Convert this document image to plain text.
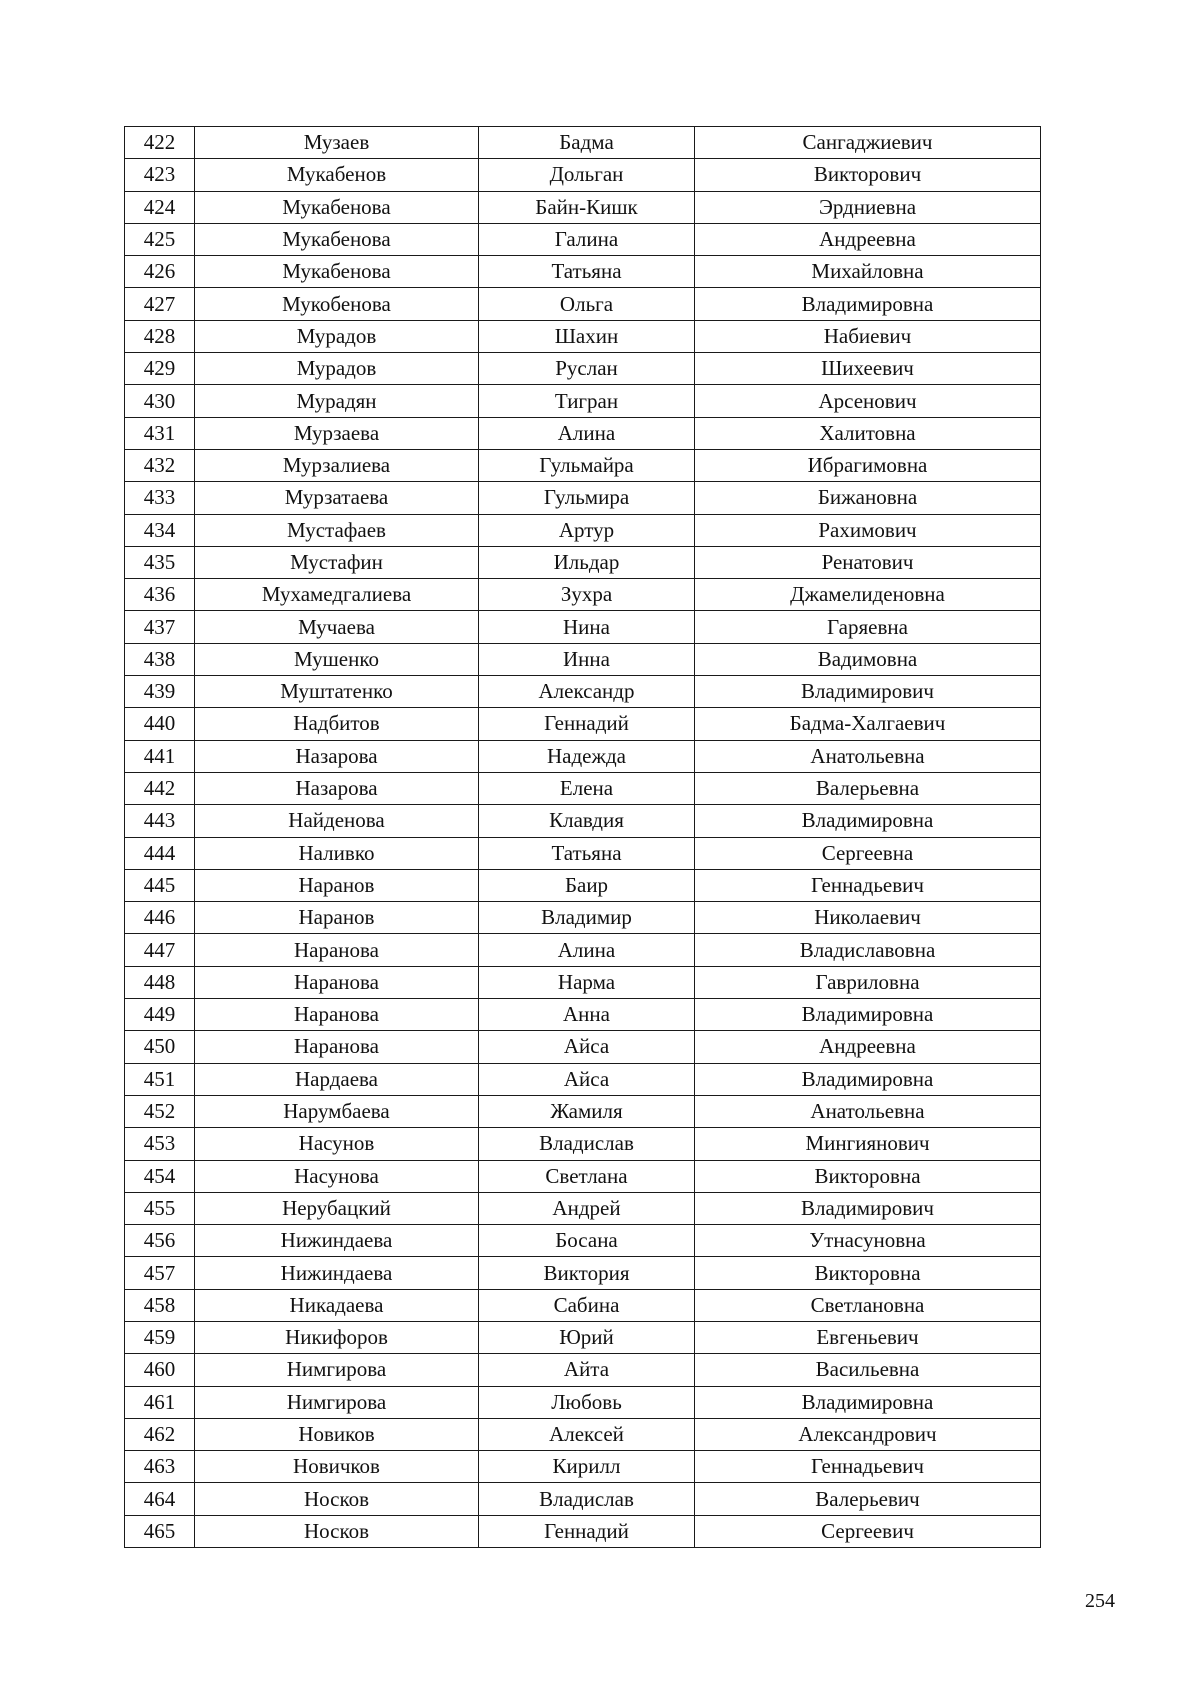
422	Музаев	Бадма	Сангаджиевич
423	Мукабенов	Дольган	Викторович
424	Мукабенова	Байн-Кишк	Эрдниевна
425	Мукабенова	Галина	Андреевна
426	Мукабенова	Татьяна	Михайловна
427	Мукобенова	Ольга	Владимировна
428	Мурадов	Шахин	Набиевич
429	Мурадов	Руслан	Шихеевич
430	Мурадян	Тигран	Арсенович
431	Мурзаева	Алина	Халитовна
432	Мурзалиева	Гульмайра	Ибрагимовна
433	Мурзатаева	Гульмира	Бижановна
434	Мустафаев	Артур	Рахимович
435	Мустафин	Ильдар	Ренатович
436	Мухамедгалиева	Зухра	Джамелиденовна
437	Мучаева	Нина	Гаряевна
438	Мушенко	Инна	Вадимовна
439	Муштатенко	Александр	Владимирович
440	Надбитов	Геннадий	Бадма-Халгаевич
441	Назарова	Надежда	Анатольевна
442	Назарова	Елена	Валерьевна
443	Найденова	Клавдия	Владимировна
444	Наливко	Татьяна	Сергеевна
445	Наранов	Баир	Геннадьевич
446	Наранов	Владимир	Николаевич
447	Наранова	Алина	Владиславовна
448	Наранова	Нарма	Гавриловна
449	Наранова	Анна	Владимировна
450	Наранова	Айса	Андреевна
451	Нардаева	Айса	Владимировна
452	Нарумбаева	Жамиля	Анатольевна
453	Насунов	Владислав	Мингиянович
454	Насунова	Светлана	Викторовна
455	Нерубацкий	Андрей	Владимирович
456	Нижиндаева	Босана	Утнасуновна
457	Нижиндаева	Виктория	Викторовна
458	Никадаева	Сабина	Светлановна
459	Никифоров	Юрий	Евгеньевич
460	Нимгирова	Айта	Васильевна
461	Нимгирова	Любовь	Владимировна
462	Новиков	Алексей	Александрович
463	Новичков	Кирилл	Геннадьевич
464	Носков	Владислав	Валерьевич
465	Носков	Геннадий	Сергеевич
254
